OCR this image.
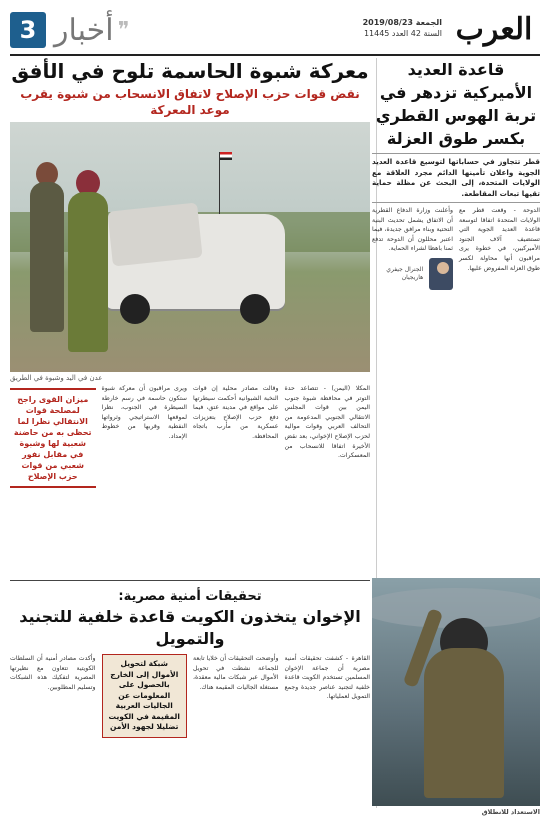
العرب
الجمعة 2019/08/23
السنة 42 العدد 11445
3 أخبار ❞
معركة شبوة الحاسمة تلوح في الأفق
نقض قوات حزب الإصلاح لاتفاق الانسحاب من شبوة يقرب موعد المعركة
عدن في اليد وشبوة في الطريق
المكلا (اليمن) - تتصاعد حدة التوتر في محافظة شبوة جنوب اليمن بين قوات المجلس الانتقالي الجنوبي المدعومة من التحالف العربي وقوات موالية لحزب الإصلاح الإخواني، بعد نقض الأخيرة اتفاقا للانسحاب من المعسكرات.
وقالت مصادر محلية إن قوات النخبة الشبوانية أحكمت سيطرتها على مواقع في مدينة عتق، فيما دفع حزب الإصلاح بتعزيزات عسكرية من مأرب باتجاه المحافظة.
ويرى مراقبون أن معركة شبوة ستكون حاسمة في رسم خارطة السيطرة في الجنوب، نظرا لموقعها الاستراتيجي وثرواتها النفطية وقربها من خطوط الإمداد.
ميزان القوى راجح لمصلحة قوات الانتقالي نظرا لما تحظى به من حاضنة شعبية لها وشبوة في مقابل نفور شعبي من قوات حزب الإصلاح
تحقيقات أمنية مصرية:
الإخوان يتخذون الكويت قاعدة خلفية للتجنيد والتمويل
القاهرة - كشفت تحقيقات أمنية مصرية أن جماعة الإخوان المسلمين تستخدم الكويت قاعدة خلفية لتجنيد عناصر جديدة وجمع التمويل لعملياتها.
وأوضحت التحقيقات أن خلايا تابعة للجماعة نشطت في تحويل الأموال عبر شبكات مالية معقدة، مستغلة الجاليات المقيمة هناك.
شبكة لتحويل الأموال إلى الخارج بالحصول على المعلومات عن الجاليات العربية المقيمة في الكويت تضليلا لجهود الأمن
وأكدت مصادر أمنية أن السلطات الكويتية تتعاون مع نظيرتها المصرية لتفكيك هذه الشبكات وتسليم المطلوبين.
قاعدة العديد الأميركية تزدهر في تربة الهوس القطري بكسر طوق العزلة
قطر تتجاوز في حساباتها لتوسيع قاعدة العديد الجوية واعلان تأمينها الدائم مجرد العلاقة مع الولايات المتحدة، إلى البحث عن مظلة حماية تقيها تبعات المقاطعة.
الدوحة - وقعت قطر مع الولايات المتحدة اتفاقا لتوسعة قاعدة العديد الجوية التي تستضيف آلاف الجنود الأميركيين، في خطوة يرى مراقبون أنها محاولة لكسر طوق العزلة المفروض عليها.
وأعلنت وزارة الدفاع القطرية أن الاتفاق يشمل تحديث البنية التحتية وبناء مرافق جديدة، فيما اعتبر محللون أن الدوحة تدفع ثمنا باهظا لشراء الحماية.
الجنرال جيفري هاريجيان
الاستعداد للانطلاق
